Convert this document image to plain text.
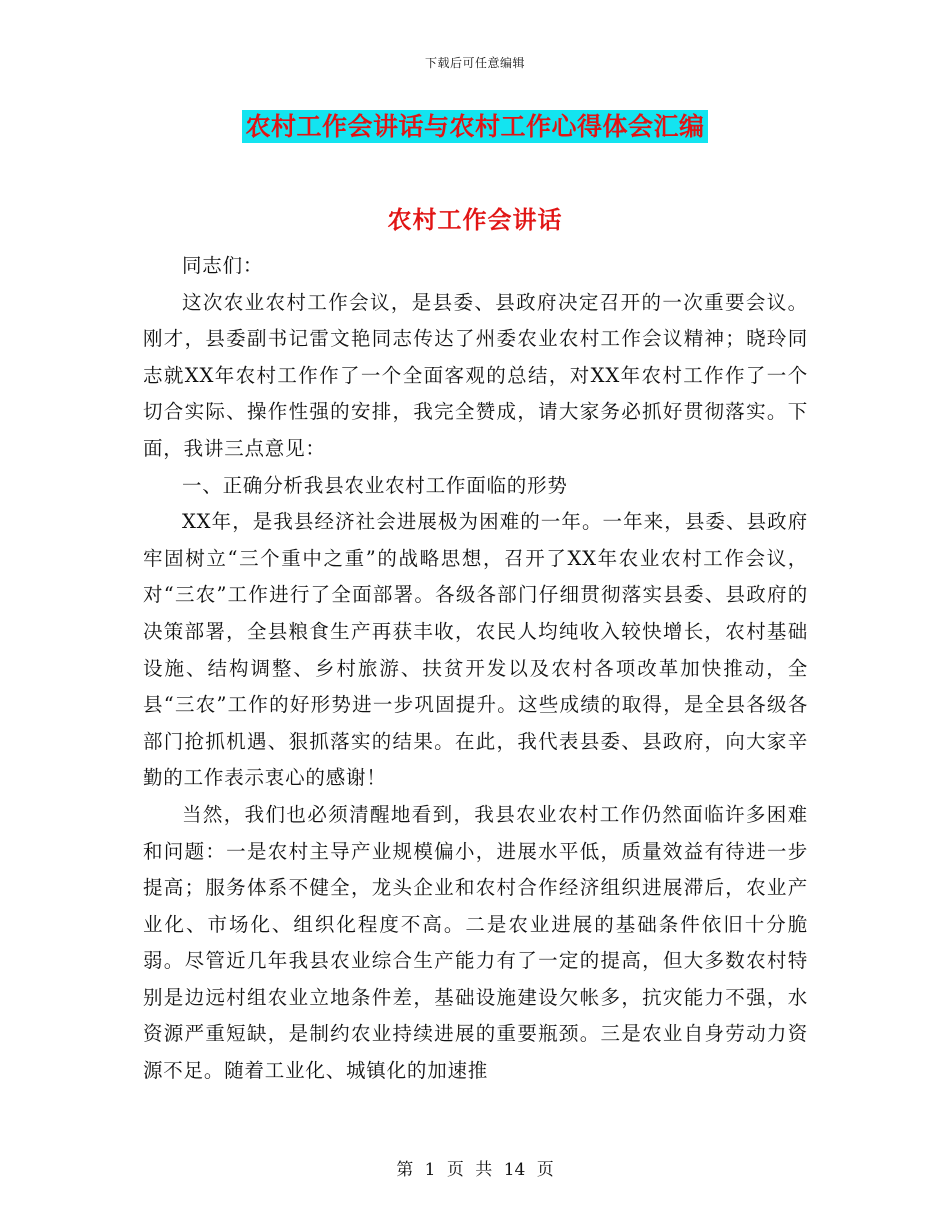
下载后可任意编辑
农村工作会讲话与农村工作心得体会汇编
农村工作会讲话

同志们：

这次农业农村工作会议，是县委、县政府决定召开的一次重要会议。刚才，县委副书记雷文艳同志传达了州委农业农村工作会议精神；晓玲同志就XX年农村工作作了一个全面客观的总结，对XX年农村工作作了一个切合实际、操作性强的安排，我完全赞成，请大家务必抓好贯彻落实。下面，我讲三点意见：

一、正确分析我县农业农村工作面临的形势

XX年，是我县经济社会进展极为困难的一年。一年来，县委、县政府牢固树立“三个重中之重”的战略思想，召开了XX年农业农村工作会议，对“三农”工作进行了全面部署。各级各部门仔细贯彻落实县委、县政府的决策部署，全县粮食生产再获丰收，农民人均纯收入较快增长，农村基础设施、结构调整、乡村旅游、扶贫开发以及农村各项改革加快推动，全县“三农”工作的好形势进一步巩固提升。这些成绩的取得，是全县各级各部门抢抓机遇、狠抓落实的结果。在此，我代表县委、县政府，向大家辛勤的工作表示衷心的感谢！

当然，我们也必须清醒地看到，我县农业农村工作仍然面临许多困难和问题：一是农村主导产业规模偏小，进展水平低，质量效益有待进一步提高；服务体系不健全，龙头企业和农村合作经济组织进展滞后，农业产业化、市场化、组织化程度不高。二是农业进展的基础条件依旧十分脆弱。尽管近几年我县农业综合生产能力有了一定的提高，但大多数农村特别是边远村组农业立地条件差，基础设施建设欠帐多，抗灾能力不强，水资源严重短缺，是制约农业持续进展的重要瓶颈。三是农业自身劳动力资源不足。随着工业化、城镇化的加速推

第 1 页 共 14 页
